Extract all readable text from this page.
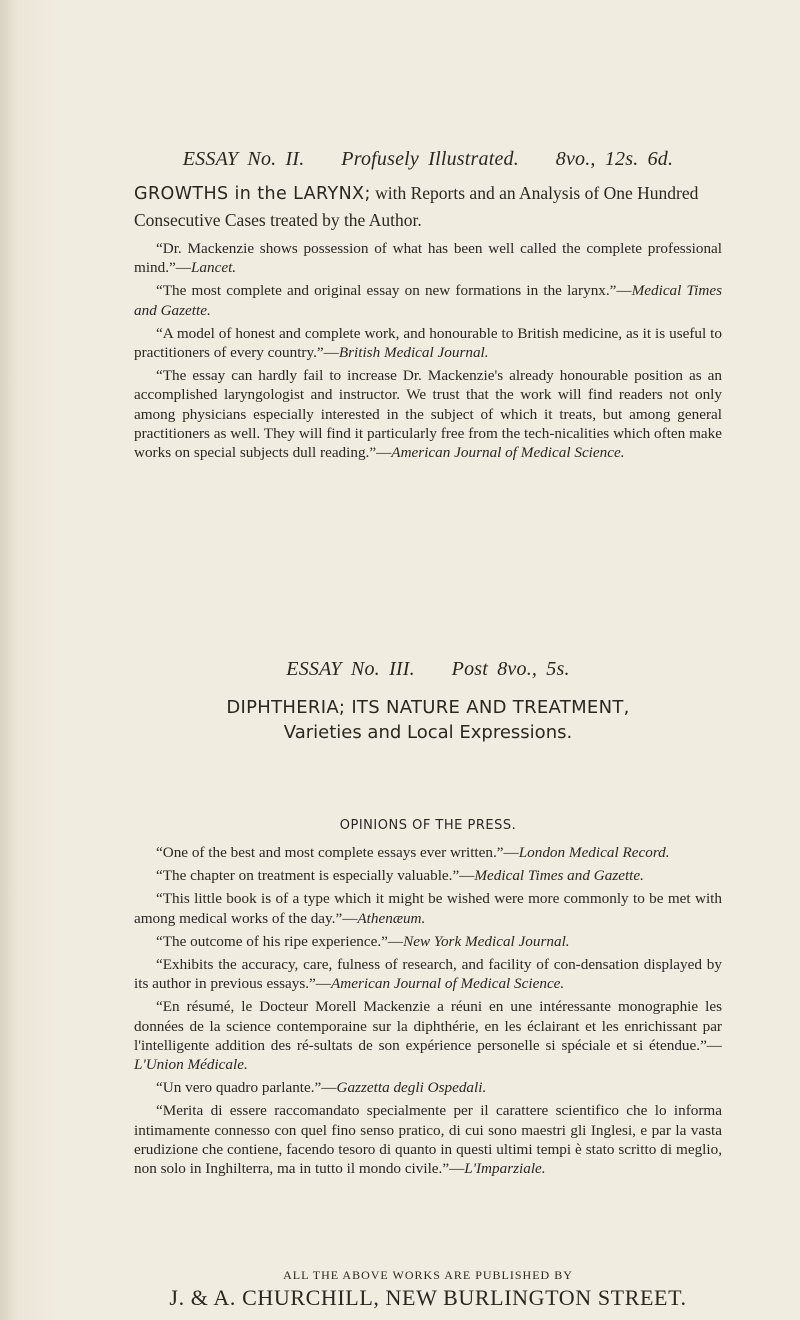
ESSAY No. II. Profusely Illustrated. 8vo., 12s. 6d.

GROWTHS in the LARYNX; with Reports and an Analysis of One Hundred Consecutive Cases treated by the Author.

“Dr. Mackenzie shows possession of what has been well called the complete professional mind.”—Lancet.

“The most complete and original essay on new formations in the larynx.”—Medical Times and Gazette.

“A model of honest and complete work, and honourable to British medicine, as it is useful to practitioners of every country.”—British Medical Journal.

“The essay can hardly fail to increase Dr. Mackenzie's already honourable position as an accomplished laryngologist and instructor. We trust that the work will find readers not only among physicians especially interested in the subject of which it treats, but among general practitioners as well. They will find it particularly free from the tech-nicalities which often make works on special subjects dull reading.”—American Journal of Medical Science.

ESSAY No. III. Post 8vo., 5s.

DIPHTHERIA; ITS NATURE AND TREATMENT,

Varieties and Local Expressions.

OPINIONS OF THE PRESS.

“One of the best and most complete essays ever written.”—London Medical Record.

“The chapter on treatment is especially valuable.”—Medical Times and Gazette.

“This little book is of a type which it might be wished were more commonly to be met with among medical works of the day.”—Athenæum.

“The outcome of his ripe experience.”—New York Medical Journal.

“Exhibits the accuracy, care, fulness of research, and facility of con-densation displayed by its author in previous essays.”—American Journal of Medical Science.

“En résumé, le Docteur Morell Mackenzie a réuni en une intéressante monographie les données de la science contemporaine sur la diphthérie, en les éclairant et les enrichissant par l'intelligente addition des ré-sultats de son expérience personelle si spéciale et si étendue.”—L'Union Médicale.

“Un vero quadro parlante.”—Gazzetta degli Ospedali.

“Merita di essere raccomandato specialmente per il carattere scientifico che lo informa intimamente connesso con quel fino senso pratico, di cui sono maestri gli Inglesi, e par la vasta erudizione che contiene, facendo tesoro di quanto in questi ultimi tempi è stato scritto di meglio, non solo in Inghilterra, ma in tutto il mondo civile.”—L'Imparziale.

ALL THE ABOVE WORKS ARE PUBLISHED BY

J. & A. CHURCHILL, NEW BURLINGTON STREET.
